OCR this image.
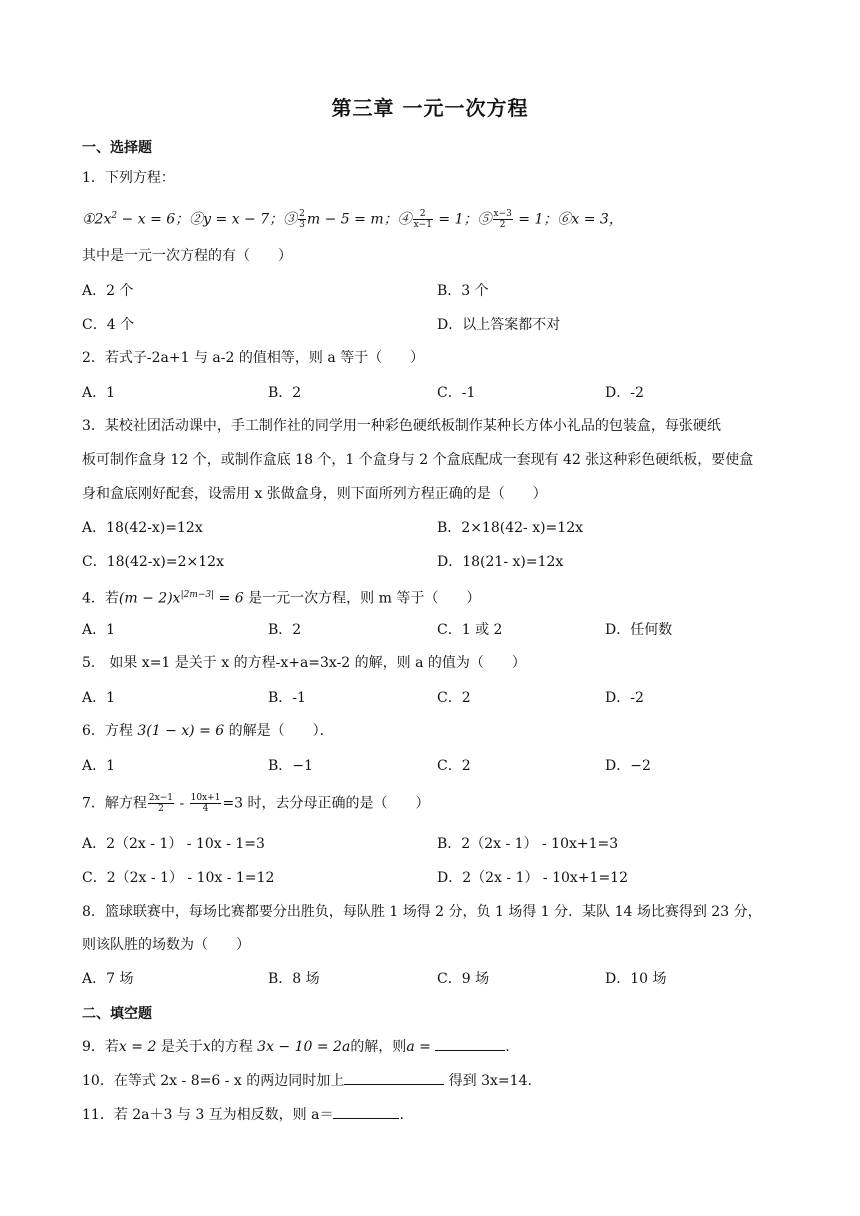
第三章 一元一次方程
一、选择题
1．下列方程：
$①2x^2 - x = 6$；②y = x − 7；③ $\frac{2}{3}$ m − 5 = m；④ $\frac{2}{x-1} = 1$；⑤ $\frac{x-3}{2} = 1$；⑥x = 3，
其中是一元一次方程的有（　　）
A．2 个	B．3 个
C．4 个	D．以上答案都不对
2．若式子-2a+1 与 a-2 的值相等，则 a 等于（　　）
A．1	B．2	C．-1	D．-2
3．某校社团活动课中，手工制作社的同学用一种彩色硬纸板制作某种长方体小礼品的包装盒，每张硬纸
板可制作盒身 12 个，或制作盒底 18 个，1 个盒身与 2 个盒底配成一套现有 42 张这种彩色硬纸板，要使盒
身和盒底刚好配套，设需用 x 张做盒身，则下面所列方程正确的是（　　）
A．18(42-x)=12x	B．2×18(42- x)=12x
C．18(42-x)=2×12x	D．18(21- x)=12x
4．若$(m - 2)x^{|2m-3|} = 6$ 是一元一次方程，则 m 等于（　　）
A．1	B．2	C．1 或 2	D．任何数
5． 如果 x=1 是关于 x 的方程-x+a=3x-2 的解，则 a 的值为（　　）
A．1	B．-1	C．2	D．-2
6．方程 3(1 − x) = 6 的解是（　　）．
A．1	B．−1	C．2	D．−2
7．解方程 $\frac{2x-1}{2} - \frac{10x+1}{4} =3$ 时，去分母正确的是（　　）
A．2（2x - 1） - 10x - 1=3	B．2（2x - 1） - 10x+1=3
C．2（2x - 1） - 10x - 1=12	D．2（2x - 1） - 10x+1=12
8．篮球联赛中，每场比赛都要分出胜负，每队胜 1 场得 2 分，负 1 场得 1 分．某队 14 场比赛得到 23 分，
则该队胜的场数为（　　）
A．7 场	B．8 场	C．9 场	D．10 场
二、填空题
9．若x = 2 是关于x的方程 3x − 10 = 2a的解，则a =	.
10．在等式 2x - 8=6 - x 的两边同时加上	得到 3x=14.
11．若 2a＋3 与 3 互为相反数，则 a＝	.
